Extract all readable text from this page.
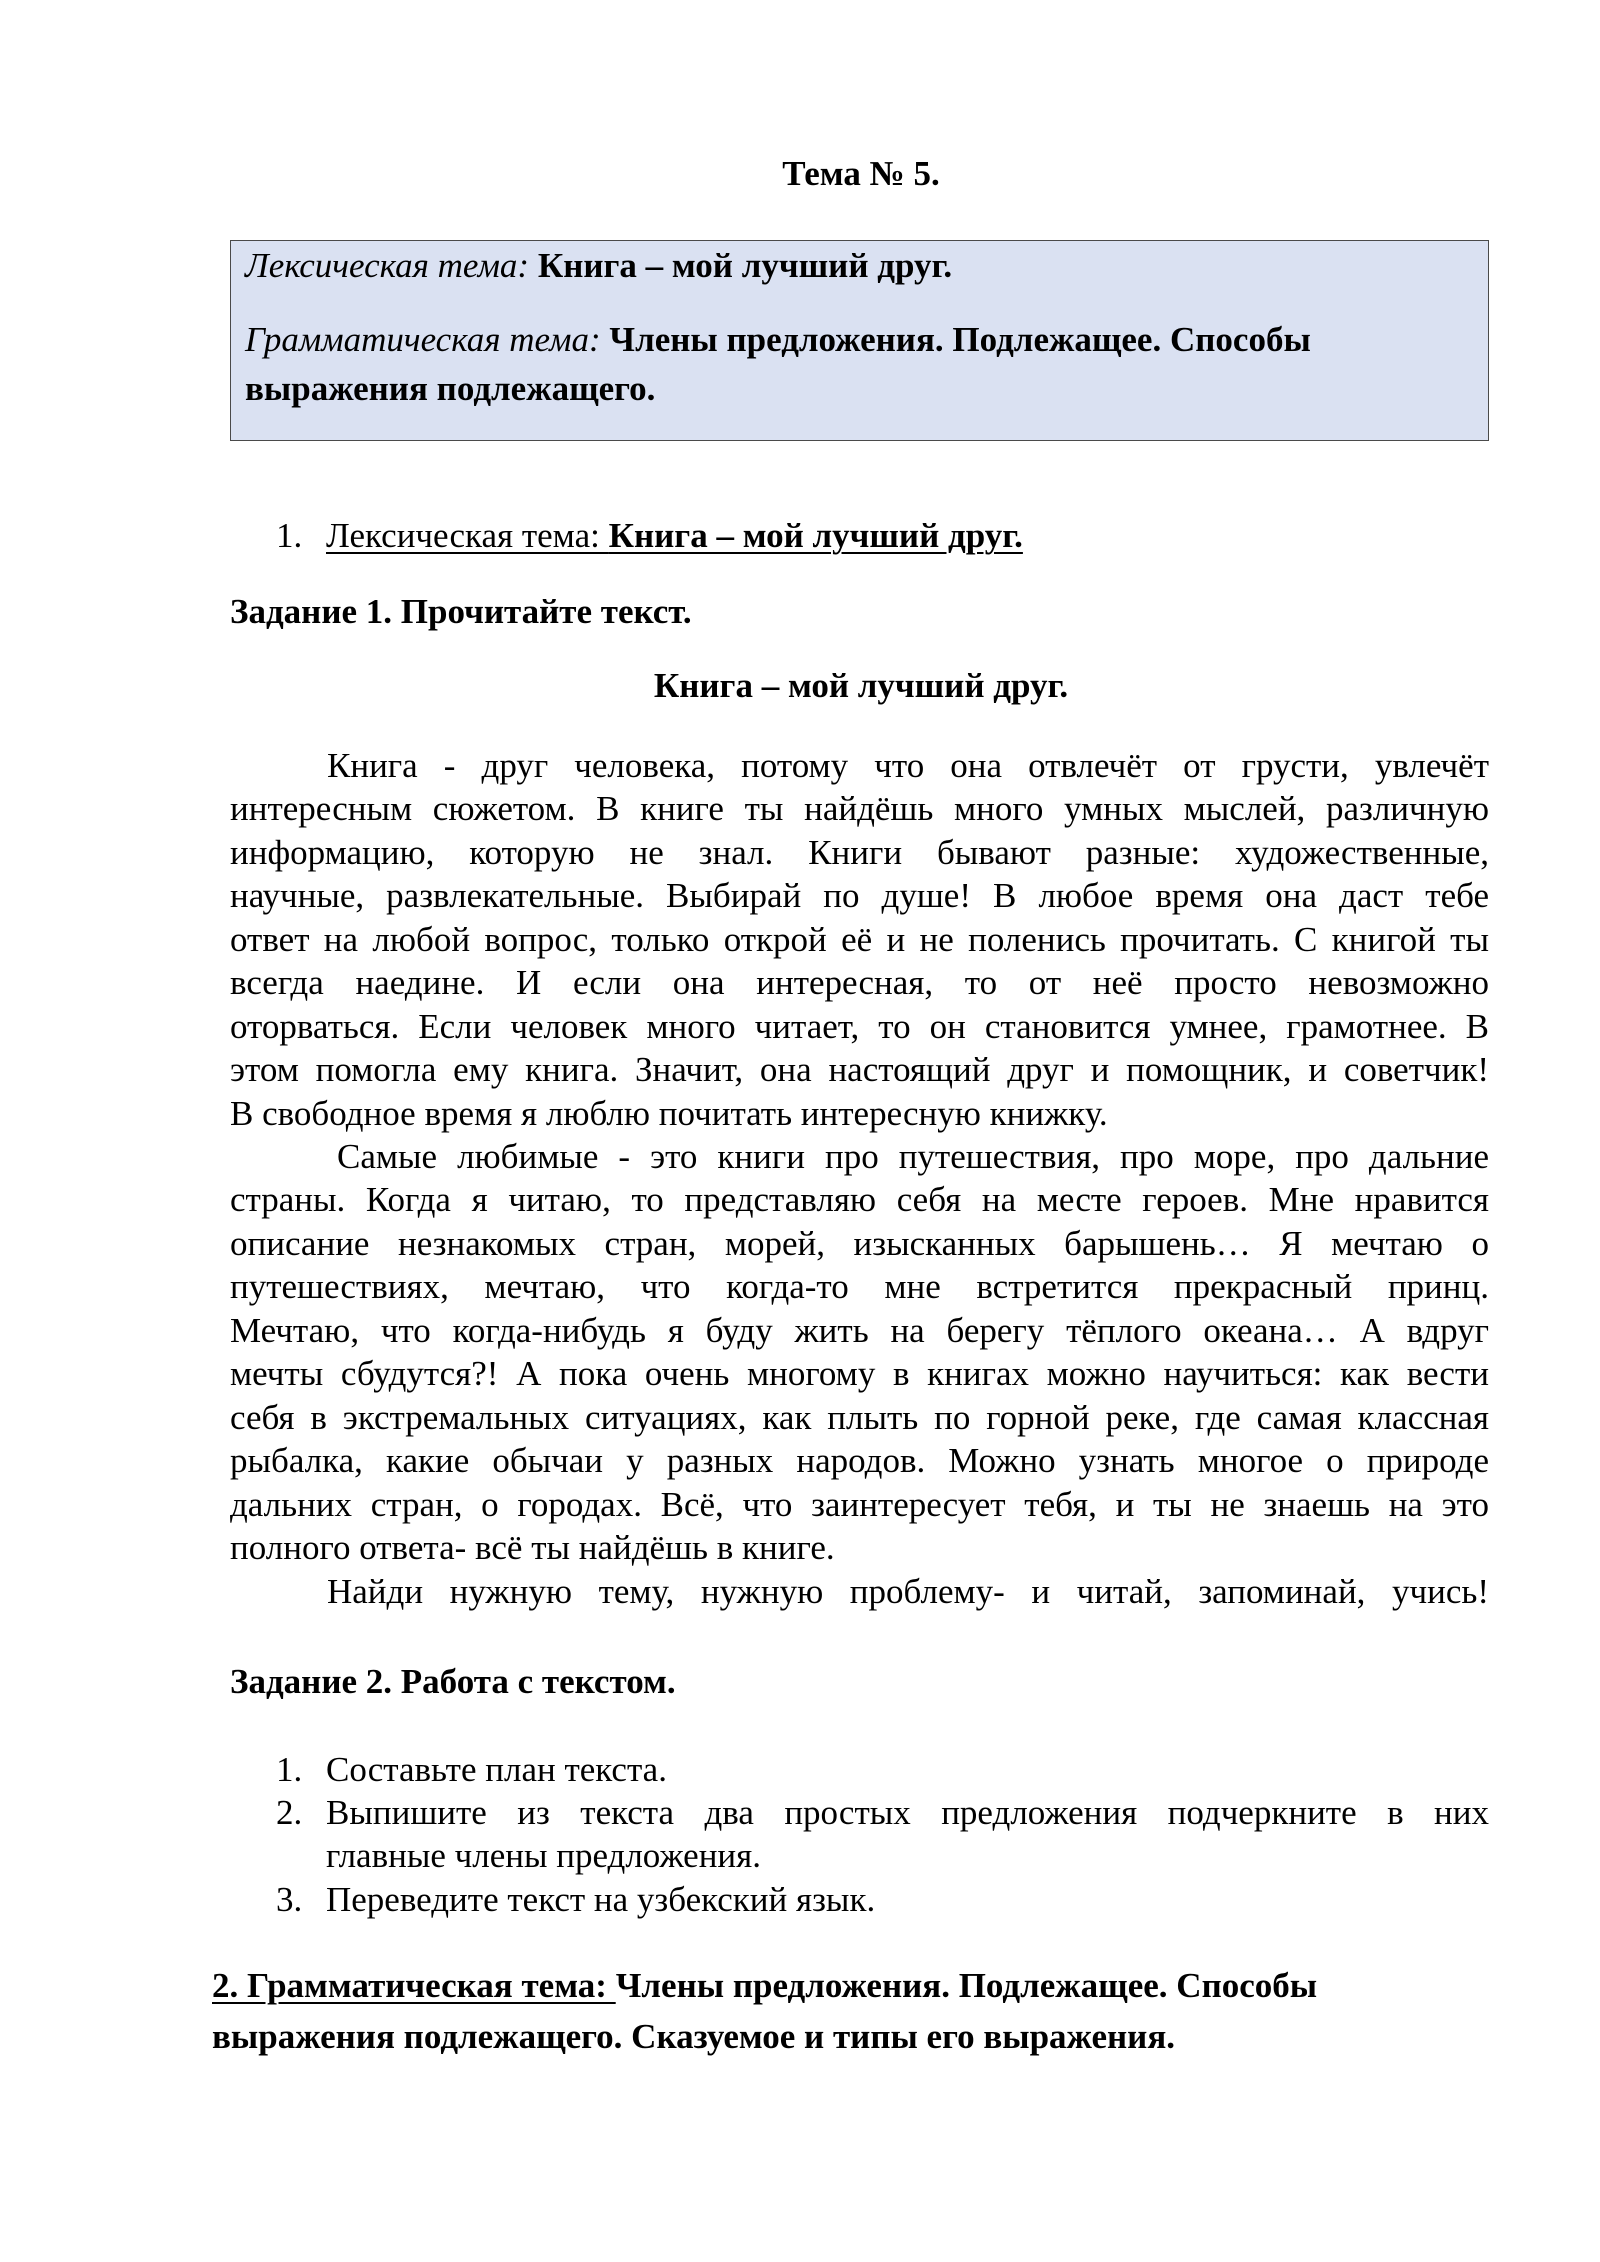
Тема № 5.
Лексическая тема: Книга – мой лучший друг.
Грамматическая тема: Члены предложения. Подлежащее. Способы
выражения подлежащего.
1. Лексическая тема: Книга – мой лучший друг.
Задание 1. Прочитайте текст.
Книга – мой лучший друг.
Книга - друг человека, потому что она отвлечёт от грусти, увлечёт
интересным сюжетом. В книге ты найдёшь много умных мыслей, различную
информацию, которую не знал. Книги бывают разные: художественные,
научные, развлекательные. Выбирай по душе! В любое время она даст тебе
ответ на любой вопрос, только открой её и не поленись прочитать. С книгой ты
всегда наедине. И если она интересная, то от неё просто невозможно
оторваться. Если человек много читает, то он становится умнее, грамотнее. В
этом помогла ему книга. Значит, она настоящий друг и помощник, и советчик!
В свободное время я люблю почитать интересную книжку.
Самые любимые - это книги про путешествия, про море, про дальние
страны. Когда я читаю, то представляю себя на месте героев. Мне нравится
описание незнакомых стран, морей, изысканных барышень… Я мечтаю о
путешествиях, мечтаю, что когда-то мне встретится прекрасный принц.
Мечтаю, что когда-нибудь я буду жить на берегу тёплого океана… А вдруг
мечты сбудутся?! А пока очень многому в книгах можно научиться: как вести
себя в экстремальных ситуациях, как плыть по горной реке, где самая классная
рыбалка, какие обычаи у разных народов. Можно узнать многое о природе
дальних стран, о городах. Всё, что заинтересует тебя, и ты не знаешь на это
полного ответа- всё ты найдёшь в книге.
Найди нужную тему, нужную проблему- и читай, запоминай, учись!
Задание 2. Работа с текстом.
1. Составьте план текста.
2. Выпишите из текста два простых предложения подчеркните в них
главные члены предложения.
3. Переведите текст на узбекский язык.
2. Грамматическая тема: Члены предложения. Подлежащее. Способы
выражения подлежащего. Сказуемое и типы его выражения.
